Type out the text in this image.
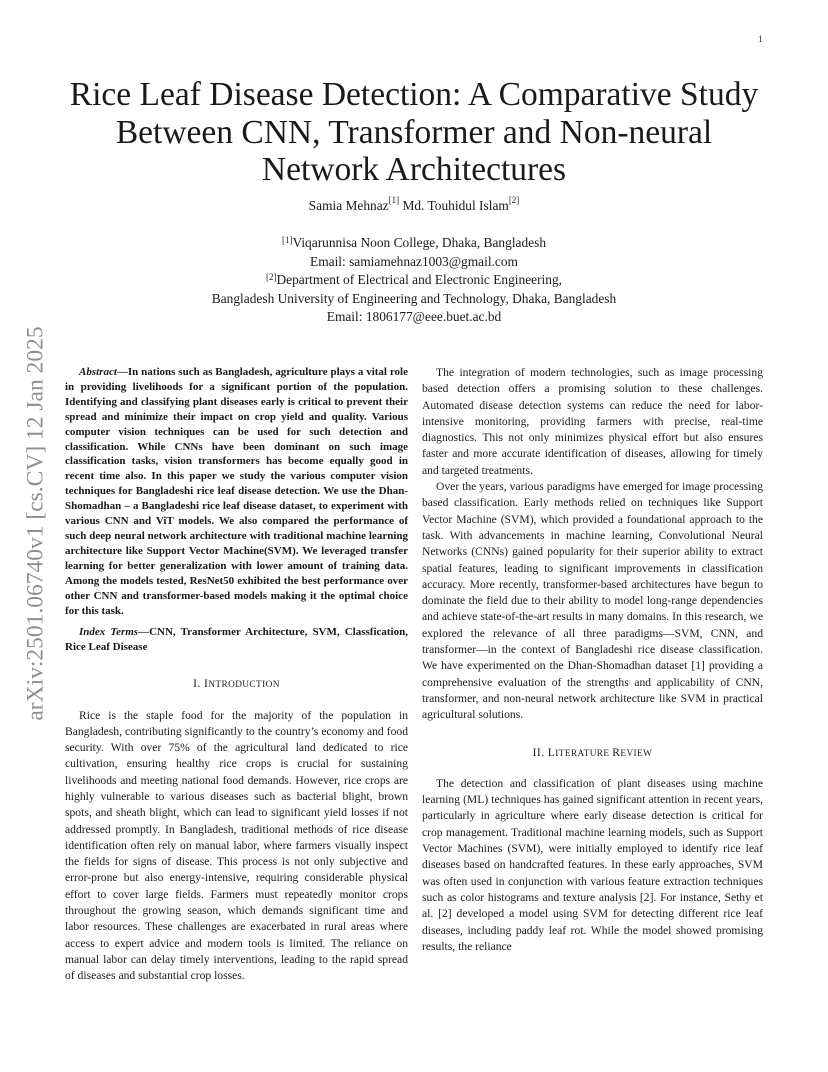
1
arXiv:2501.06740v1 [cs.CV] 12 Jan 2025
Rice Leaf Disease Detection: A Comparative Study Between CNN, Transformer and Non-neural Network Architectures
Samia Mehnaz[1] Md. Touhidul Islam[2]
[1]Viqarunnisa Noon College, Dhaka, Bangladesh
Email: samiamehnaz1003@gmail.com
[2]Department of Electrical and Electronic Engineering,
Bangladesh University of Engineering and Technology, Dhaka, Bangladesh
Email: 1806177@eee.buet.ac.bd

Abstract—In nations such as Bangladesh, agriculture plays a vital role in providing livelihoods for a significant portion of the population. Identifying and classifying plant diseases early is critical to prevent their spread and minimize their impact on crop yield and quality. Various computer vision techniques can be used for such detection and classification. While CNNs have been dominant on such image classification tasks, vision transformers has become equally good in recent time also. In this paper we study the various computer vision techniques for Bangladeshi rice leaf disease detection. We use the Dhan-Shomadhan – a Bangladeshi rice leaf disease dataset, to experiment with various CNN and ViT models. We also compared the performance of such deep neural network architecture with traditional machine learning architecture like Support Vector Machine(SVM). We leveraged transfer learning for better generalization with lower amount of training data. Among the models tested, ResNet50 exhibited the best performance over other CNN and transformer-based models making it the optimal choice for this task.

Index Terms—CNN, Transformer Architecture, SVM, Classfication, Rice Leaf Disease

I. INTRODUCTION

Rice is the staple food for the majority of the population in Bangladesh, contributing significantly to the country’s economy and food security. With over 75% of the agricultural land dedicated to rice cultivation, ensuring healthy rice crops is crucial for sustaining livelihoods and meeting national food demands. However, rice crops are highly vulnerable to various diseases such as bacterial blight, brown spots, and sheath blight, which can lead to significant yield losses if not addressed promptly. In Bangladesh, traditional methods of rice disease identification often rely on manual labor, where farmers visually inspect the fields for signs of disease. This process is not only subjective and error-prone but also energy-intensive, requiring considerable physical effort to cover large fields. Farmers must repeatedly monitor crops throughout the growing season, which demands significant time and labor resources. These challenges are exacerbated in rural areas where access to expert advice and modern tools is limited. The reliance on manual labor can delay timely interventions, leading to the rapid spread of diseases and substantial crop losses.

The integration of modern technologies, such as image processing based detection offers a promising solution to these challenges. Automated disease detection systems can reduce the need for labor-intensive monitoring, providing farmers with precise, real-time diagnostics. This not only minimizes physical effort but also ensures faster and more accurate identification of diseases, allowing for timely and targeted treatments.

Over the years, various paradigms have emerged for image processing based classification. Early methods relied on techniques like Support Vector Machine (SVM), which provided a foundational approach to the task. With advancements in machine learning, Convolutional Neural Networks (CNNs) gained popularity for their superior ability to extract spatial features, leading to significant improvements in classification accuracy. More recently, transformer-based architectures have begun to dominate the field due to their ability to model long-range dependencies and achieve state-of-the-art results in many domains. In this research, we explored the relevance of all three paradigms—SVM, CNN, and transformer—in the context of Bangladeshi rice disease classification. We have experimented on the Dhan-Shomadhan dataset [1] providing a comprehensive evaluation of the strengths and applicability of CNN, transformer, and non-neural network architecture like SVM in practical agricultural solutions.

II. LITERATURE REVIEW

The detection and classification of plant diseases using machine learning (ML) techniques has gained significant attention in recent years, particularly in agriculture where early disease detection is critical for crop management. Traditional machine learning models, such as Support Vector Machines (SVM), were initially employed to identify rice leaf diseases based on handcrafted features. In these early approaches, SVM was often used in conjunction with various feature extraction techniques such as color histograms and texture analysis [2]. For instance, Sethy et al. [2] developed a model using SVM for detecting different rice leaf diseases, including paddy leaf rot. While the model showed promising results, the reliance
